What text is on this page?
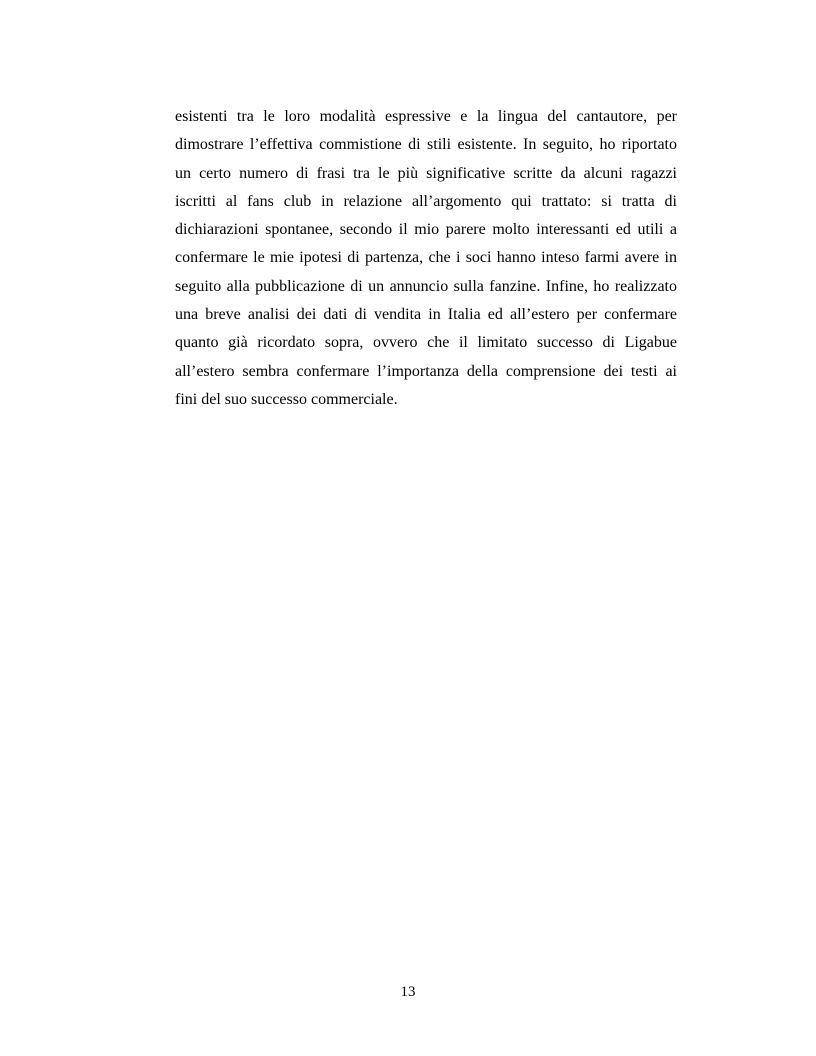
esistenti tra le loro modalità espressive e la lingua del cantautore, per
dimostrare l’effettiva commistione di stili esistente. In seguito, ho riportato
un certo numero di frasi tra le più significative scritte da alcuni ragazzi
iscritti al fans club in relazione all’argomento qui trattato: si tratta di
dichiarazioni spontanee, secondo il mio parere molto interessanti ed utili a
confermare le mie ipotesi di partenza, che i soci hanno inteso farmi avere in
seguito alla pubblicazione di un annuncio sulla fanzine. Infine, ho realizzato
una breve analisi dei dati di vendita in Italia ed all’estero per confermare
quanto già ricordato sopra, ovvero che il limitato successo di Ligabue
all’estero sembra confermare l’importanza della comprensione dei testi ai
fini del suo successo commerciale.
13
